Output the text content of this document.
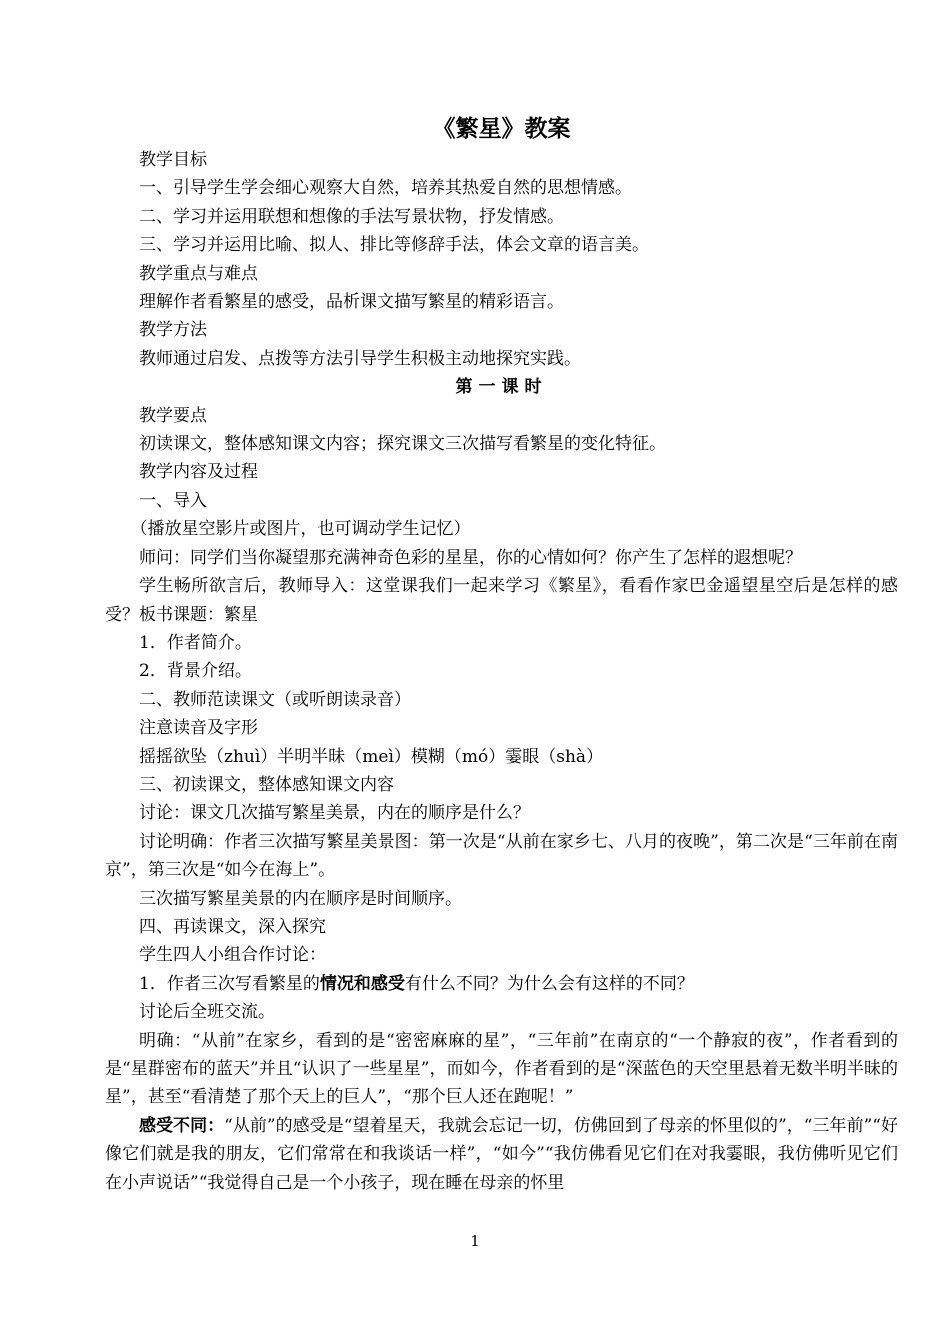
《繁星》教案

教学目标

一、引导学生学会细心观察大自然，培养其热爱自然的思想情感。

二、学习并运用联想和想像的手法写景状物，抒发情感。

三、学习并运用比喻、拟人、排比等修辞手法，体会文章的语言美。

教学重点与难点

理解作者看繁星的感受，品析课文描写繁星的精彩语言。

教学方法

教师通过启发、点拨等方法引导学生积极主动地探究实践。

第一课时

教学要点

初读课文，整体感知课文内容；探究课文三次描写看繁星的变化特征。

教学内容及过程

一、导入

（播放星空影片或图片，也可调动学生记忆）

师问：同学们当你凝望那充满神奇色彩的星星，你的心情如何？你产生了怎样的遐想呢？

学生畅所欲言后，教师导入：这堂课我们一起来学习《繁星》，看看作家巴金遥望星空后是怎样的感受？板书课题：繁星

1．作者简介。

2．背景介绍。

二、教师范读课文（或听朗读录音）

注意读音及字形

摇摇欲坠（zhuì）半明半昧（meì）模糊（mó）霎眼（shà）

三、初读课文，整体感知课文内容

讨论：课文几次描写繁星美景，内在的顺序是什么？

讨论明确：作者三次描写繁星美景图：第一次是“从前在家乡七、八月的夜晚”，第二次是“三年前在南京”，第三次是“如今在海上”。

三次描写繁星美景的内在顺序是时间顺序。

四、再读课文，深入探究

学生四人小组合作讨论：

1．作者三次写看繁星的情况和感受有什么不同？为什么会有这样的不同？

讨论后全班交流。

明确：“从前”在家乡，看到的是“密密麻麻的星”，“三年前”在南京的“一个静寂的夜”，作者看到的是“星群密布的蓝天”并且“认识了一些星星”，而如今，作者看到的是“深蓝色的天空里悬着无数半明半昧的星”，甚至“看清楚了那个天上的巨人”，“那个巨人还在跑呢！”

感受不同：“从前”的感受是“望着星天，我就会忘记一切，仿佛回到了母亲的怀里似的”，“三年前”“好像它们就是我的朋友，它们常常在和我谈话一样”，“如今”“我仿佛看见它们在对我霎眼，我仿佛听见它们在小声说话”“我觉得自己是一个小孩子，现在睡在母亲的怀里

1
